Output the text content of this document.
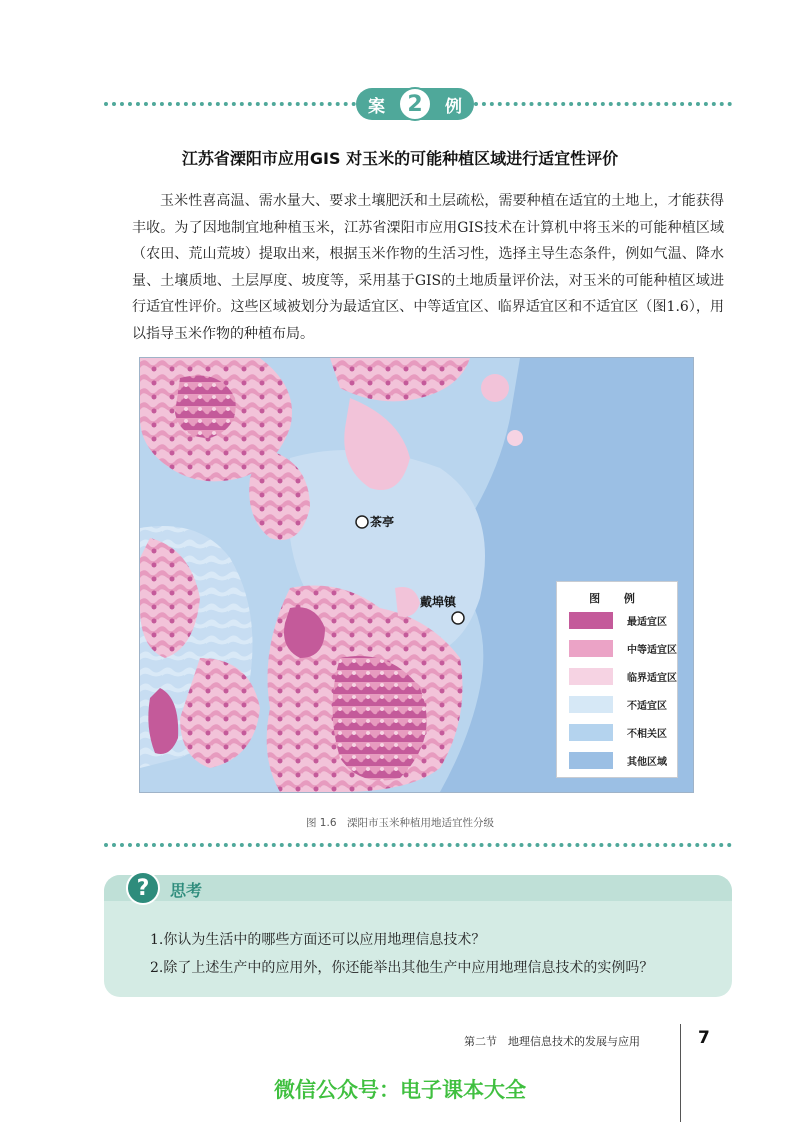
案	2	例
江苏省溧阳市应用GIS 对玉米的可能种植区域进行适宜性评价

玉米性喜高温、需水量大、要求土壤肥沃和土层疏松，需要种植在适宜的土地上，才能获得丰收。为了因地制宜地种植玉米，江苏省溧阳市应用GIS技术在计算机中将玉米的可能种植区域（农田、荒山荒坡）提取出来，根据玉米作物的生活习性，选择主导生态条件，例如气温、降水量、土壤质地、土层厚度、坡度等，采用基于GIS的土地质量评价法，对玉米的可能种植区域进行适宜性评价。这些区域被划分为最适宜区、中等适宜区、临界适宜区和不适宜区（图1.6），用以指导玉米作物的种植布局。

茶亭
戴埠镇	图 例
最适宜区
中等适宜区
临界适宜区
不适宜区
不相关区
其他区域
图 1.6　溧阳市玉米种植用地适宜性分级
?	思考
1.你认为生活中的哪些方面还可以应用地理信息技术？
2.除了上述生产中的应用外，你还能举出其他生产中应用地理信息技术的实例吗？
第二节　地理信息技术的发展与应用	7
微信公众号：电子课本大全
